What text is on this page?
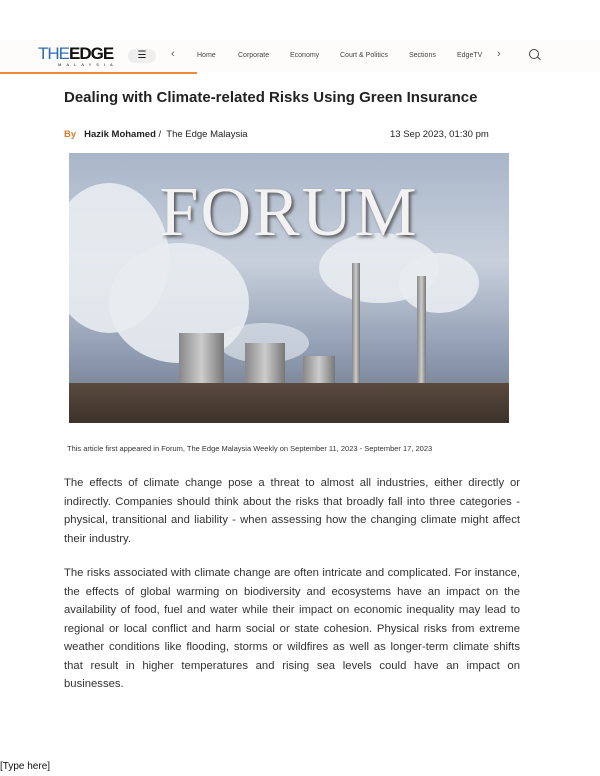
THEEDGE
MALAYSIA
☰	‹	Home	Corporate	Economy	Court & Politics	Sections	EdgeTV ›
Dealing with Climate-related Risks Using Green Insurance
By Hazik Mohamed / The Edge Malaysia	13 Sep 2023, 01:30 pm
FORUM
This article first appeared in Forum, The Edge Malaysia Weekly on September 11, 2023 - September 17, 2023

The effects of climate change pose a threat to almost all industries, either directly or indirectly. Companies should think about the risks that broadly fall into three categories - physical, transitional and liability - when assessing how the changing climate might affect their industry.

The risks associated with climate change are often intricate and complicated. For instance, the effects of global warming on biodiversity and ecosystems have an impact on the availability of food, fuel and water while their impact on economic inequality may lead to regional or local conflict and harm social or state cohesion. Physical risks from extreme weather conditions like flooding, storms or wildfires as well as longer-term climate shifts that result in higher temperatures and rising sea levels could have an impact on businesses.

[Type here]
